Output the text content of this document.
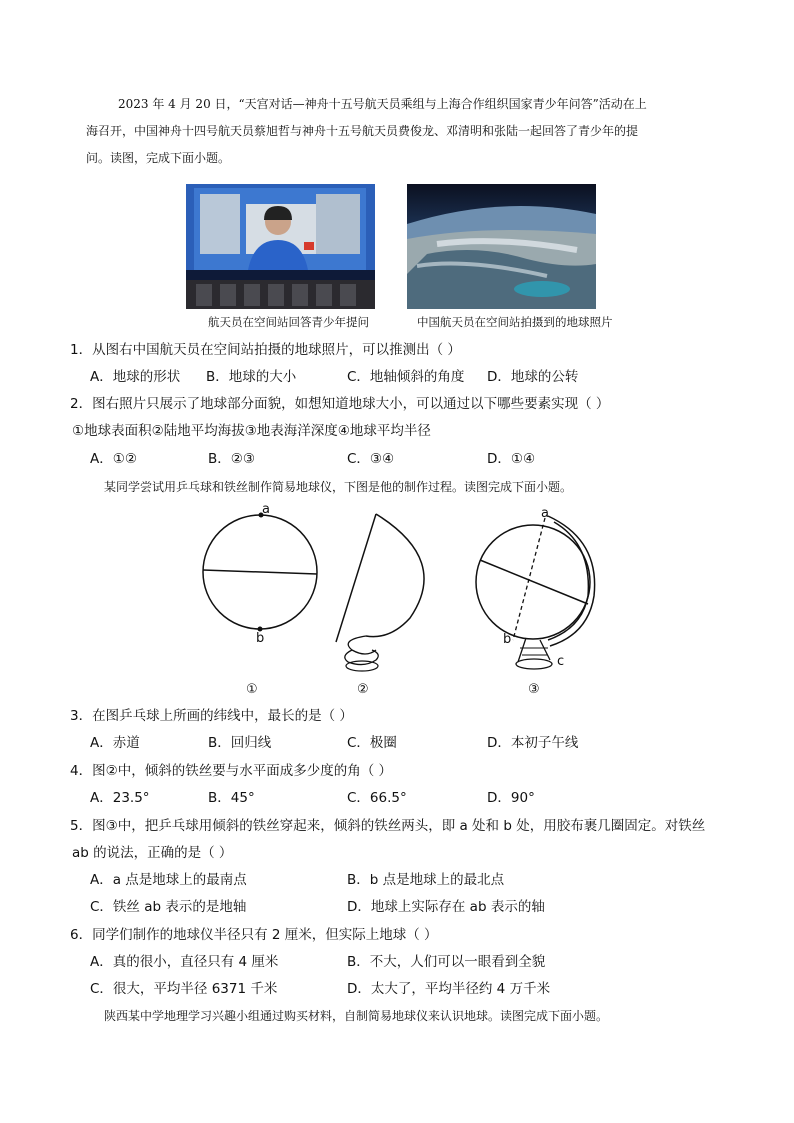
2023 年 4 月 20 日，“天宫对话—神舟十五号航天员乘组与上海合作组织国家青少年问答”活动在上
海召开，中国神舟十四号航天员蔡旭哲与神舟十五号航天员费俊龙、邓清明和张陆一起回答了青少年的提
问。读图，完成下面小题。
航天员在空间站回答青少年提问	中国航天员在空间站拍摄到的地球照片
1．从图右中国航天员在空间站拍摄的地球照片，可以推测出（ ）
A．地球的形状 B．地球的大小	C．地轴倾斜的角度 D．地球的公转
2．图右照片只展示了地球部分面貌，如想知道地球大小，可以通过以下哪些要素实现（ ）
①地球表面积②陆地平均海拔③地表海洋深度④地球平均半径
A．①②	B．②③	C．③④	D．①④
某同学尝试用乒乓球和铁丝制作简易地球仪，下图是他的制作过程。读图完成下面小题。
a
b
a
b
c
①	②	③
3．在图乒乓球上所画的纬线中，最长的是（ ）
A．赤道	B．回归线	C．极圈	D．本初子午线
4．图②中，倾斜的铁丝要与水平面成多少度的角（ ）
A．23.5°	B．45°	C．66.5°	D．90°
5．图③中，把乒乓球用倾斜的铁丝穿起来，倾斜的铁丝两头，即 a 处和 b 处，用胶布裹几圈固定。对铁丝
ab 的说法，正确的是（ ）
A．a 点是地球上的最南点	B．b 点是地球上的最北点
C．铁丝 ab 表示的是地轴	D．地球上实际存在 ab 表示的轴
6．同学们制作的地球仪半径只有 2 厘米，但实际上地球（ ）
A．真的很小，直径只有 4 厘米	B．不大，人们可以一眼看到全貌
C．很大，平均半径 6371 千米	D．太大了，平均半径约 4 万千米
陕西某中学地理学习兴趣小组通过购买材料，自制简易地球仪来认识地球。读图完成下面小题。
